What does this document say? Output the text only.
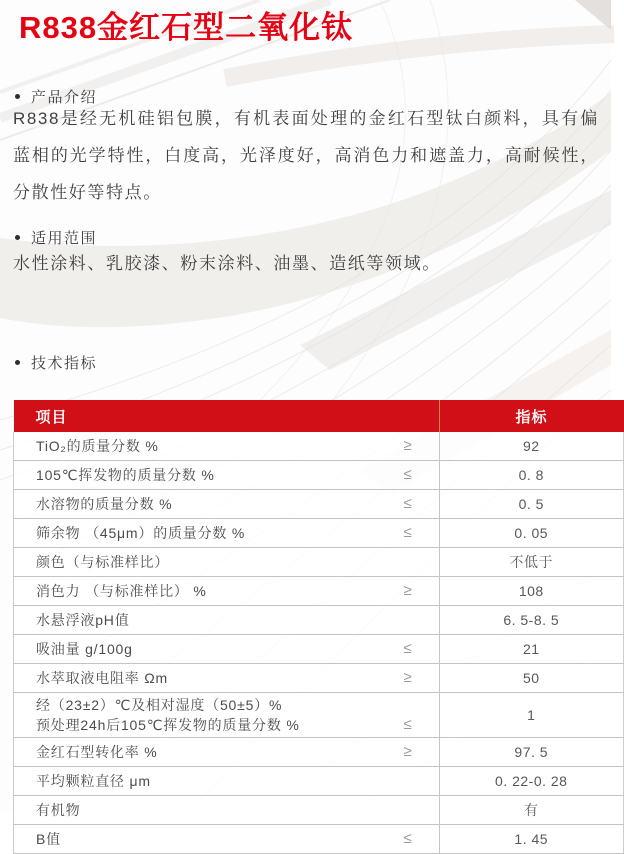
R838金红石型二氧化钛
产品介绍

R838是经无机硅铝包膜，有机表面处理的金红石型钛白颜料，具有偏蓝相的光学特性，白度高，光泽度好，高消色力和遮盖力，高耐候性，分散性好等特点。

适用范围

水性涂料、乳胶漆、粉末涂料、油墨、造纸等领域。

技术指标
项目	指标

TiO₂的质量分数 % ≥	92

105℃挥发物的质量分数 % ≤	0. 8

水溶物的质量分数 % ≤	0. 5

筛余物 （45μm）的质量分数 % ≤	0. 05

颜色（与标准样比）	不低于

消色力 （与标准样比） % ≥	108

水悬浮液pH值	6. 5-8. 5

吸油量 g/100g ≤	21

水萃取液电阻率 Ωm ≥	50

经（23±2）℃及相对湿度（50±5）%
预处理24h后105℃挥发物的质量分数 % ≤	1

金红石型转化率 % ≥	97. 5

平均颗粒直径 μm	0. 22-0. 28

有机物	有

B值 ≤	1. 45
